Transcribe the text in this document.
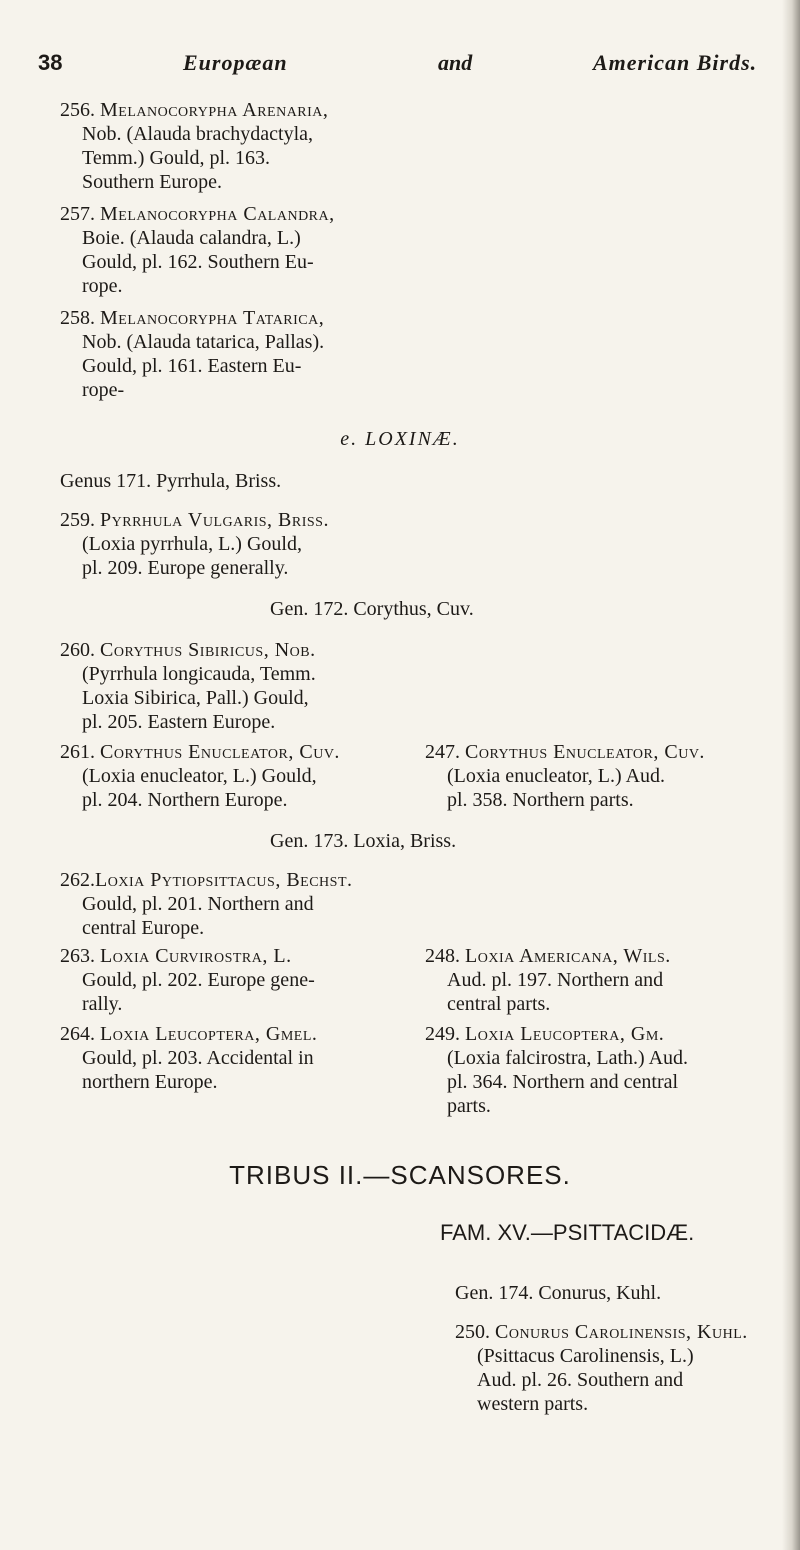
38	Europæan	and	American Birds.
256. Melanocorypha Arenaria,
Nob. (Alauda brachydactyla,
Temm.) Gould, pl. 163.
Southern Europe.
257. Melanocorypha Calandra,
Boie. (Alauda calandra, L.)
Gould, pl. 162. Southern Eu-
rope.
258. Melanocorypha Tatarica,
Nob. (Alauda tatarica, Pallas).
Gould, pl. 161. Eastern Eu-
rope-
e. LOXINÆ.
Genus 171. Pyrrhula, Briss.
259. Pyrrhula Vulgaris, Briss.
(Loxia pyrrhula, L.) Gould,
pl. 209. Europe generally.
Gen. 172. Corythus, Cuv.
260. Corythus Sibiricus, Nob.
(Pyrrhula longicauda, Temm.
Loxia Sibirica, Pall.) Gould,
pl. 205. Eastern Europe.
261. Corythus Enucleator, Cuv.
(Loxia enucleator, L.) Gould,
pl. 204. Northern Europe.
247. Corythus Enucleator, Cuv.
(Loxia enucleator, L.) Aud.
pl. 358. Northern parts.
Gen. 173. Loxia, Briss.
262.Loxia Pytiopsittacus, Bechst.
Gould, pl. 201. Northern and
central Europe.
263. Loxia Curvirostra, L.
Gould, pl. 202. Europe gene-
rally.
264. Loxia Leucoptera, Gmel.
Gould, pl. 203. Accidental in
northern Europe.
248. Loxia Americana, Wils.
Aud. pl. 197. Northern and
central parts.
249. Loxia Leucoptera, Gm.
(Loxia falcirostra, Lath.) Aud.
pl. 364. Northern and central
parts.
TRIBUS II.—SCANSORES.
FAM. XV.—PSITTACIDÆ.
Gen. 174. Conurus, Kuhl.
250. Conurus Carolinensis, Kuhl.
(Psittacus Carolinensis, L.)
Aud. pl. 26. Southern and
western parts.
